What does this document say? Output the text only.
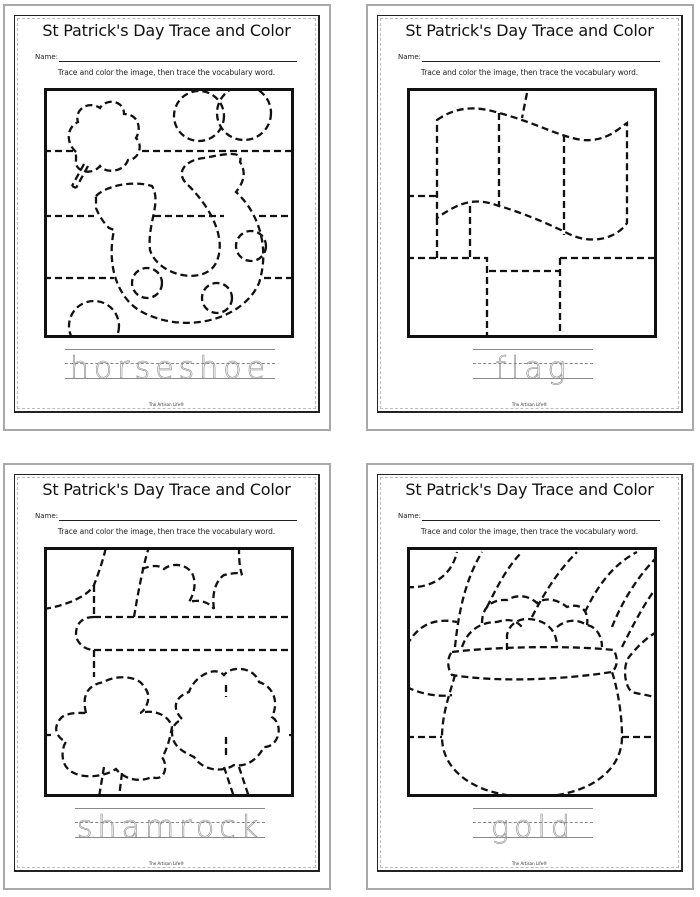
St Patrick's Day Trace and Color
Name:
Trace and color the image, then trace the vocabulary word.
horseshoe
The Artisan Life®
St Patrick's Day Trace and Color
Name:
Trace and color the image, then trace the vocabulary word.
flag
The Artisan Life®
St Patrick's Day Trace and Color
Name:
Trace and color the image, then trace the vocabulary word.
shamrock
The Artisan Life®
St Patrick's Day Trace and Color
Name:
Trace and color the image, then trace the vocabulary word.
gold
The Artisan Life®
